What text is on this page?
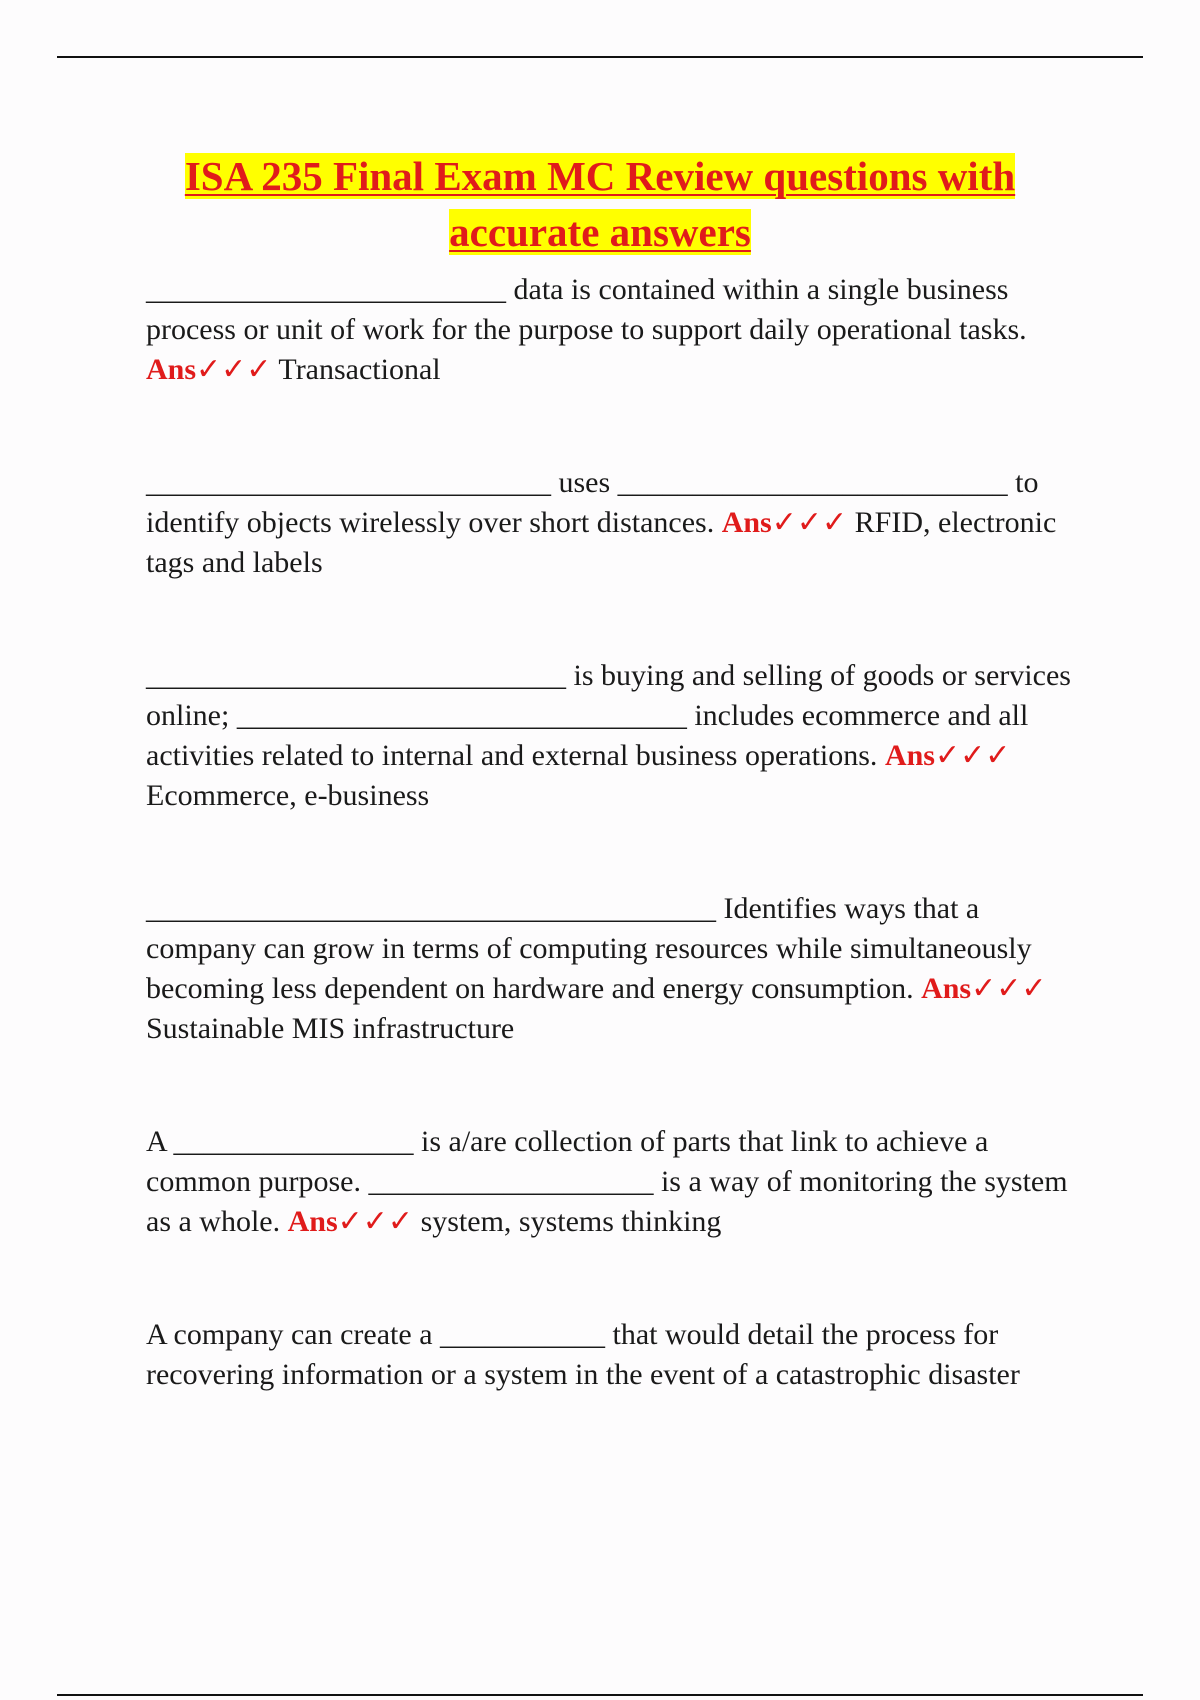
ISA 235 Final Exam MC Review questions with accurate answers

________________________ data is contained within a single business process or unit of work for the purpose to support daily operational tasks. Ans✓✓✓ Transactional

___________________________ uses __________________________ to identify objects wirelessly over short distances. Ans✓✓✓ RFID, electronic tags and labels

____________________________ is buying and selling of goods or services online; ______________________________ includes ecommerce and all activities related to internal and external business operations. Ans✓✓✓ Ecommerce, e-business

______________________________________ Identifies ways that a company can grow in terms of computing resources while simultaneously becoming less dependent on hardware and energy consumption. Ans✓✓✓ Sustainable MIS infrastructure

A ________________ is a/are collection of parts that link to achieve a common purpose. ___________________ is a way of monitoring the system as a whole. Ans✓✓✓ system, systems thinking

A company can create a ___________ that would detail the process for recovering information or a system in the event of a catastrophic disaster
